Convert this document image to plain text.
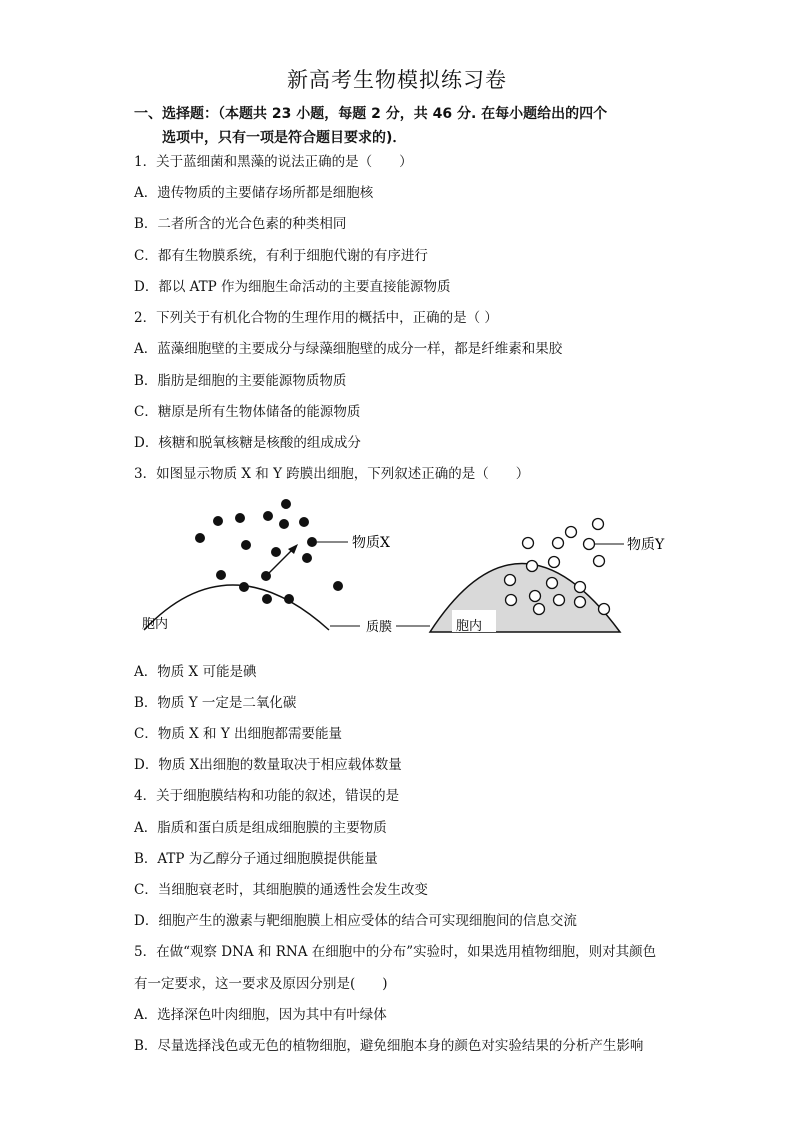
新高考生物模拟练习卷
一、选择题：（本题共 23 小题，每题 2 分，共 46 分. 在每小题给出的四个
选项中，只有一项是符合题目要求的)．
1．关于蓝细菌和黑藻的说法正确的是（　　）
A．遗传物质的主要储存场所都是细胞核
B．二者所含的光合色素的种类相同
C．都有生物膜系统，有利于细胞代谢的有序进行
D．都以 ATP 作为细胞生命活动的主要直接能源物质
2．下列关于有机化合物的生理作用的概括中，正确的是（ ）
A．蓝藻细胞壁的主要成分与绿藻细胞壁的成分一样，都是纤维素和果胶
B．脂肪是细胞的主要能源物质物质
C．糖原是所有生物体储备的能源物质
D．核糖和脱氧核糖是核酸的组成成分
3．如图显示物质 X 和 Y 跨膜出细胞，下列叙述正确的是（　　）
物质X
胞内	质膜	胞内
物质Y
A．物质 X 可能是碘
B．物质 Y 一定是二氧化碳
C．物质 X 和 Y 出细胞都需要能量
D．物质 X出细胞的数量取决于相应载体数量
4．关于细胞膜结构和功能的叙述，错误的是
A．脂质和蛋白质是组成细胞膜的主要物质
B．ATP 为乙醇分子通过细胞膜提供能量
C．当细胞衰老时，其细胞膜的通透性会发生改变
D．细胞产生的激素与靶细胞膜上相应受体的结合可实现细胞间的信息交流
5．在做“观察 DNA 和 RNA 在细胞中的分布”实验时，如果选用植物细胞，则对其颜色
有一定要求，这一要求及原因分别是(　　)
A．选择深色叶肉细胞，因为其中有叶绿体
B．尽量选择浅色或无色的植物细胞，避免细胞本身的颜色对实验结果的分析产生影响
